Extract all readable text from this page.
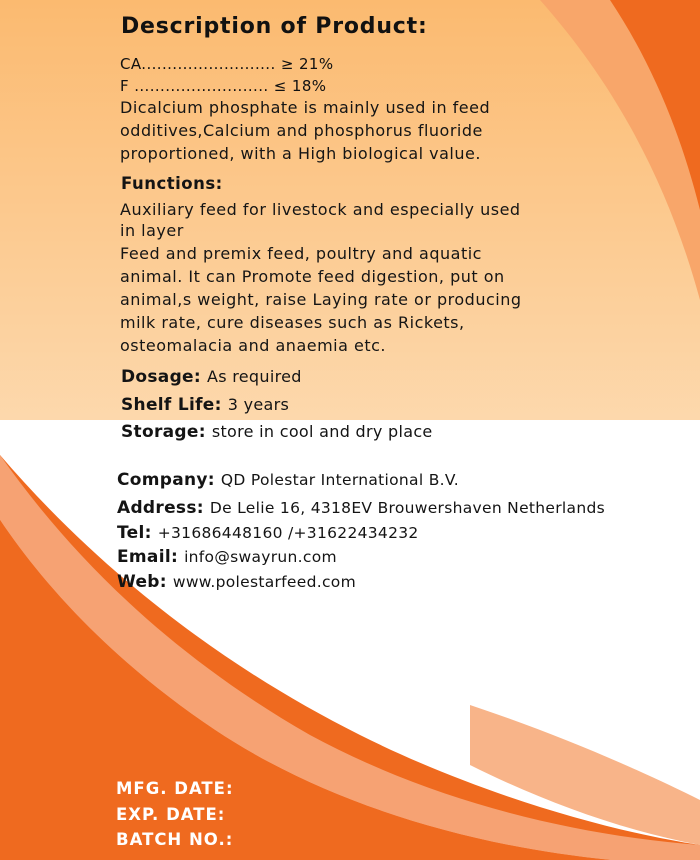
Description of Product:
CA.......................... ≥ 21%
F .......................... ≤ 18%
Dicalcium phosphate is mainly used in feed
odditives,Calcium and phosphorus fluoride
proportioned, with a High biological value.
Functions:
Auxiliary feed for livestock and especially used
in layer
Feed and premix feed, poultry and aquatic
animal. It can Promote feed digestion, put on
animal,s weight, raise Laying rate or producing
milk rate, cure diseases such as Rickets,
osteomalacia and anaemia etc.
Dosage: As required
Shelf Life: 3 years
Storage: store in cool and dry place
Company: QD Polestar International B.V.
Address: De Lelie 16, 4318EV Brouwershaven Netherlands
Tel: +31686448160 /+31622434232
Email: info@swayrun.com
Web: www.polestarfeed.com
MFG. DATE:
EXP. DATE:
BATCH NO.:
